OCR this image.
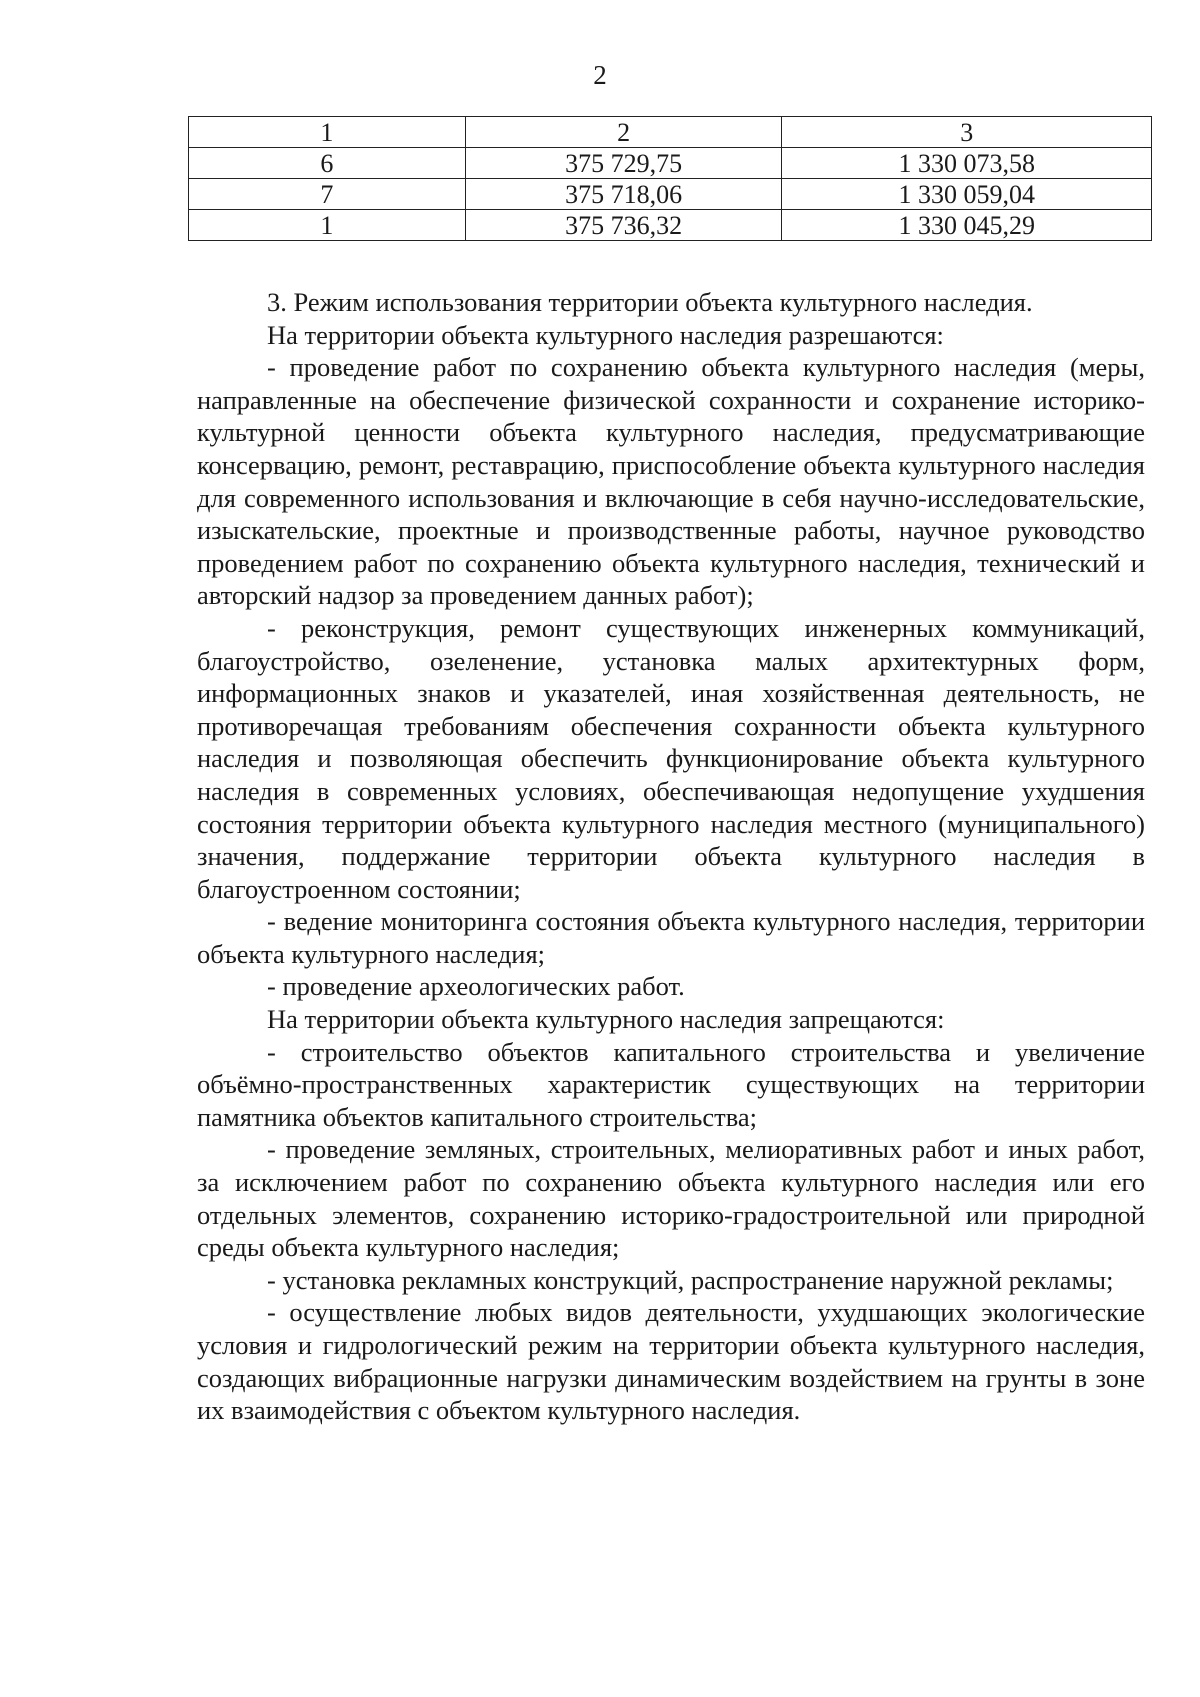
2
1	2	3
6	375 729,75	1 330 073,58
7	375 718,06	1 330 059,04
1	375 736,32	1 330 045,29

3. Режим использования территории объекта культурного наследия.

На территории объекта культурного наследия разрешаются:

- проведение работ по сохранению объекта культурного наследия (меры, направленные на обеспечение физической сохранности и сохранение историко-культурной ценности объекта культурного наследия, предусматривающие консервацию, ремонт, реставрацию, приспособление объекта культурного наследия для современного использования и включающие в себя научно-исследовательские, изыскательские, проектные и производственные работы, научное руководство проведением работ по сохранению объекта культурного наследия, технический и авторский надзор за проведением данных работ);

- реконструкция, ремонт существующих инженерных коммуникаций, благоустройство, озеленение, установка малых архитектурных форм, информационных знаков и указателей, иная хозяйственная деятельность, не противоречащая требованиям обеспечения сохранности объекта культурного наследия и позволяющая обеспечить функционирование объекта культурного наследия в современных условиях, обеспечивающая недопущение ухудшения состояния территории объекта культурного наследия местного (муниципального) значения, поддержание территории объекта культурного наследия в благоустроенном состоянии;

- ведение мониторинга состояния объекта культурного наследия, территории объекта культурного наследия;

- проведение археологических работ.

На территории объекта культурного наследия запрещаются:

- строительство объектов капитального строительства и увеличение объёмно-пространственных характеристик существующих на территории памятника объектов капитального строительства;

- проведение земляных, строительных, мелиоративных работ и иных работ, за исключением работ по сохранению объекта культурного наследия или его отдельных элементов, сохранению историко-градостроительной или природной среды объекта культурного наследия;

- установка рекламных конструкций, распространение наружной рекламы;

- осуществление любых видов деятельности, ухудшающих экологические условия и гидрологический режим на территории объекта культурного наследия, создающих вибрационные нагрузки динамическим воздействием на грунты в зоне их взаимодействия с объектом культурного наследия.
